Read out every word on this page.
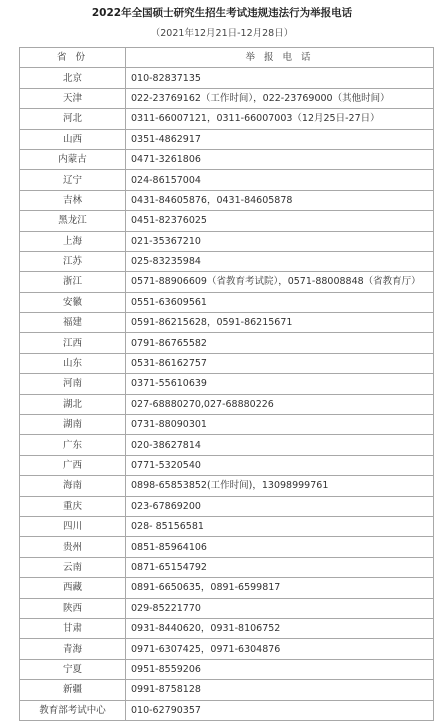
2022年全国硕士研究生招生考试违规违法行为举报电话
（2021年12月21日-12月28日）
省 份	举 报 电 话
北京	010-82837135
天津	022-23769162（工作时间），022-23769000（其他时间）
河北	0311-66007121，0311-66007003（12月25日-27日）
山西	0351-4862917
内蒙古	0471-3261806
辽宁	024-86157004
吉林	0431-84605876，0431-84605878
黑龙江	0451-82376025
上海	021-35367210
江苏	025-83235984
浙江	0571-88906609（省教育考试院），0571-88008848（省教育厅）
安徽	0551-63609561
福建	0591-86215628，0591-86215671
江西	0791-86765582
山东	0531-86162757
河南	0371-55610639
湖北	027-68880270,027-68880226
湖南	0731-88090301
广东	020-38627814
广西	0771-5320540
海南	0898-65853852(工作时间)，13098999761
重庆	023-67869200
四川	028- 85156581
贵州	0851-85964106
云南	0871-65154792
西藏	0891-6650635，0891-6599817
陕西	029-85221770
甘肃	0931-8440620，0931-8106752
青海	0971-6307425，0971-6304876
宁夏	0951-8559206
新疆	0991-8758128
教育部考试中心	010-62790357
